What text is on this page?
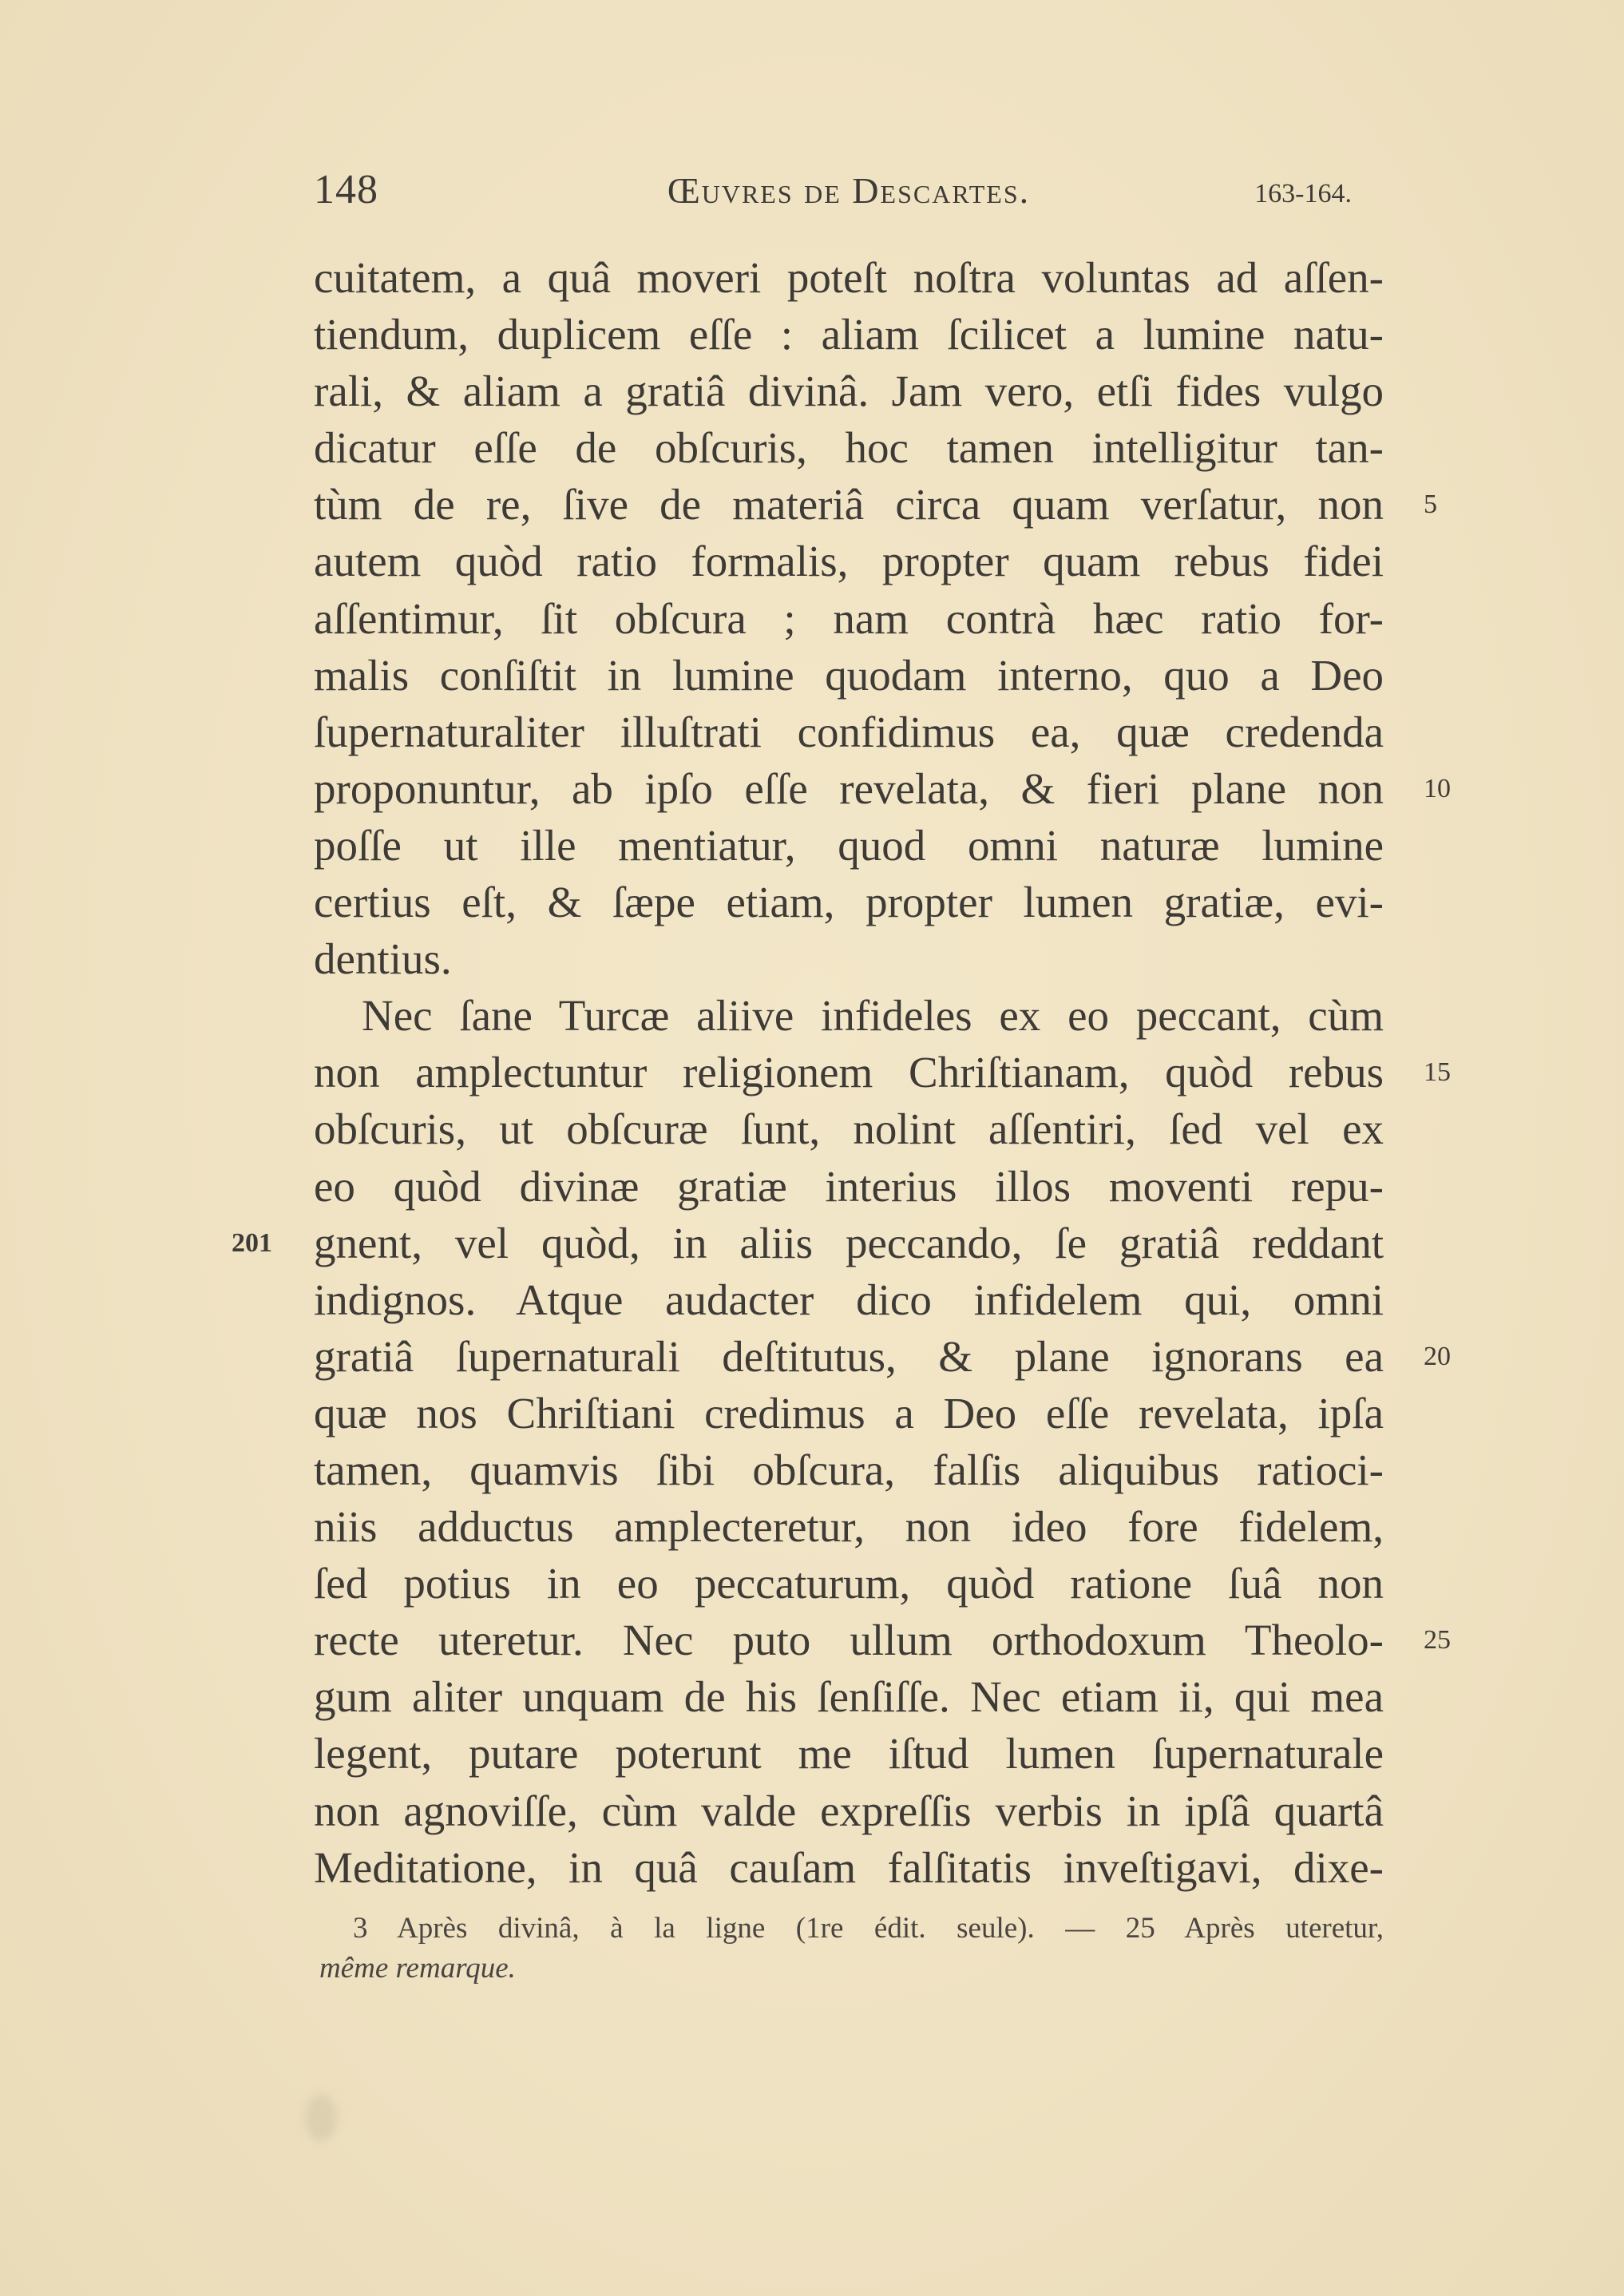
148	Œuvres de Descartes.	163-164.
cuitatem, a quâ moveri poteſt noſtra voluntas ad aſſen-
tiendum, duplicem eſſe : aliam ſcilicet a lumine natu-
rali, & aliam a gratiâ divinâ. Jam vero, etſi fides vulgo
dicatur eſſe de obſcuris, hoc tamen intelligitur tan-
tùm de re, ſive de materiâ circa quam verſatur, non 5
autem quòd ratio formalis, propter quam rebus fidei
aſſentimur, ſit obſcura ; nam contrà hæc ratio for-
malis conſiſtit in lumine quodam interno, quo a Deo
ſupernaturaliter illuſtrati confidimus ea, quæ credenda
proponuntur, ab ipſo eſſe revelata, & fieri plane non 10
poſſe ut ille mentiatur, quod omni naturæ lumine
certius eſt, & ſæpe etiam, propter lumen gratiæ, evi-
dentius.
Nec ſane Turcæ aliive infideles ex eo peccant, cùm
non amplectuntur religionem Chriſtianam, quòd rebus 15
obſcuris, ut obſcuræ ſunt, nolint aſſentiri, ſed vel ex
eo quòd divinæ gratiæ interius illos moventi repu-
gnent, vel quòd, in aliis peccando, ſe gratiâ reddant
201
indignos. Atque audacter dico infidelem qui, omni
gratiâ ſupernaturali deſtitutus, & plane ignorans ea 20
quæ nos Chriſtiani credimus a Deo eſſe revelata, ipſa
tamen, quamvis ſibi obſcura, falſis aliquibus ratioci-
niis adductus amplecteretur, non ideo fore fidelem,
ſed potius in eo peccaturum, quòd ratione ſuâ non
recte uteretur. Nec puto ullum orthodoxum Theolo- 25
gum aliter unquam de his ſenſiſſe. Nec etiam ii, qui mea
legent, putare poterunt me iſtud lumen ſupernaturale
non agnoviſſe, cùm valde expreſſis verbis in ipſâ quartâ
Meditatione, in quâ cauſam falſitatis inveſtigavi, dixe-
3 Après divinâ, à la ligne (1re édit. seule). — 25 Après uteretur,
même remarque.
